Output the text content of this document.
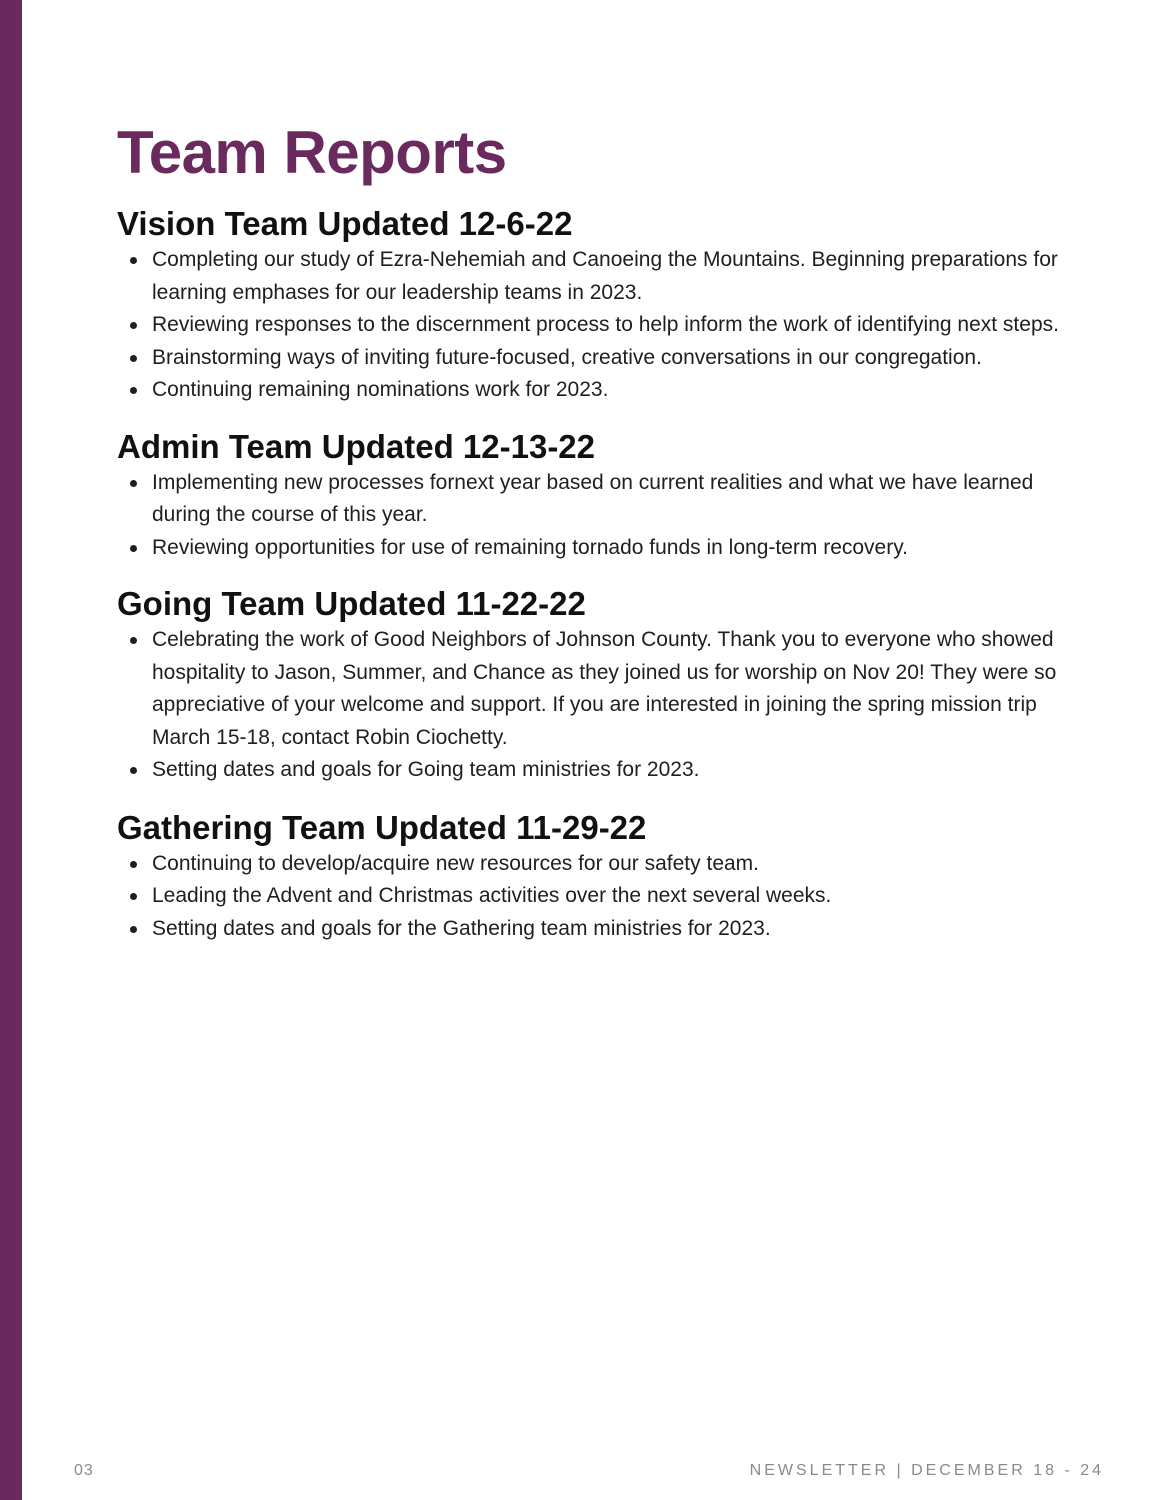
Team Reports
Vision Team Updated 12-6-22
Completing our study of Ezra-Nehemiah and Canoeing the Mountains. Beginning preparations for learning emphases for our leadership teams in 2023.
Reviewing responses to the discernment process to help inform the work of identifying next steps.
Brainstorming ways of inviting future-focused, creative conversations in our congregation.
Continuing remaining nominations work for 2023.
Admin Team Updated 12-13-22
Implementing new processes fornext year based on current realities and what we have learned during the course of this year.
Reviewing opportunities for use of remaining tornado funds in long-term recovery.
Going Team Updated 11-22-22
Celebrating the work of Good Neighbors of Johnson County. Thank you to everyone who showed hospitality to Jason, Summer, and Chance as they joined us for worship on Nov 20! They were so appreciative of your welcome and support. If you are interested in joining the spring mission trip March 15-18, contact Robin Ciochetty.
Setting dates and goals for Going team ministries for 2023.
Gathering Team Updated 11-29-22
Continuing to develop/acquire new resources for our safety team.
Leading the Advent and Christmas activities over the next several weeks.
Setting dates and goals for the Gathering team ministries for 2023.
03	NEWSLETTER | DECEMBER 18 - 24
